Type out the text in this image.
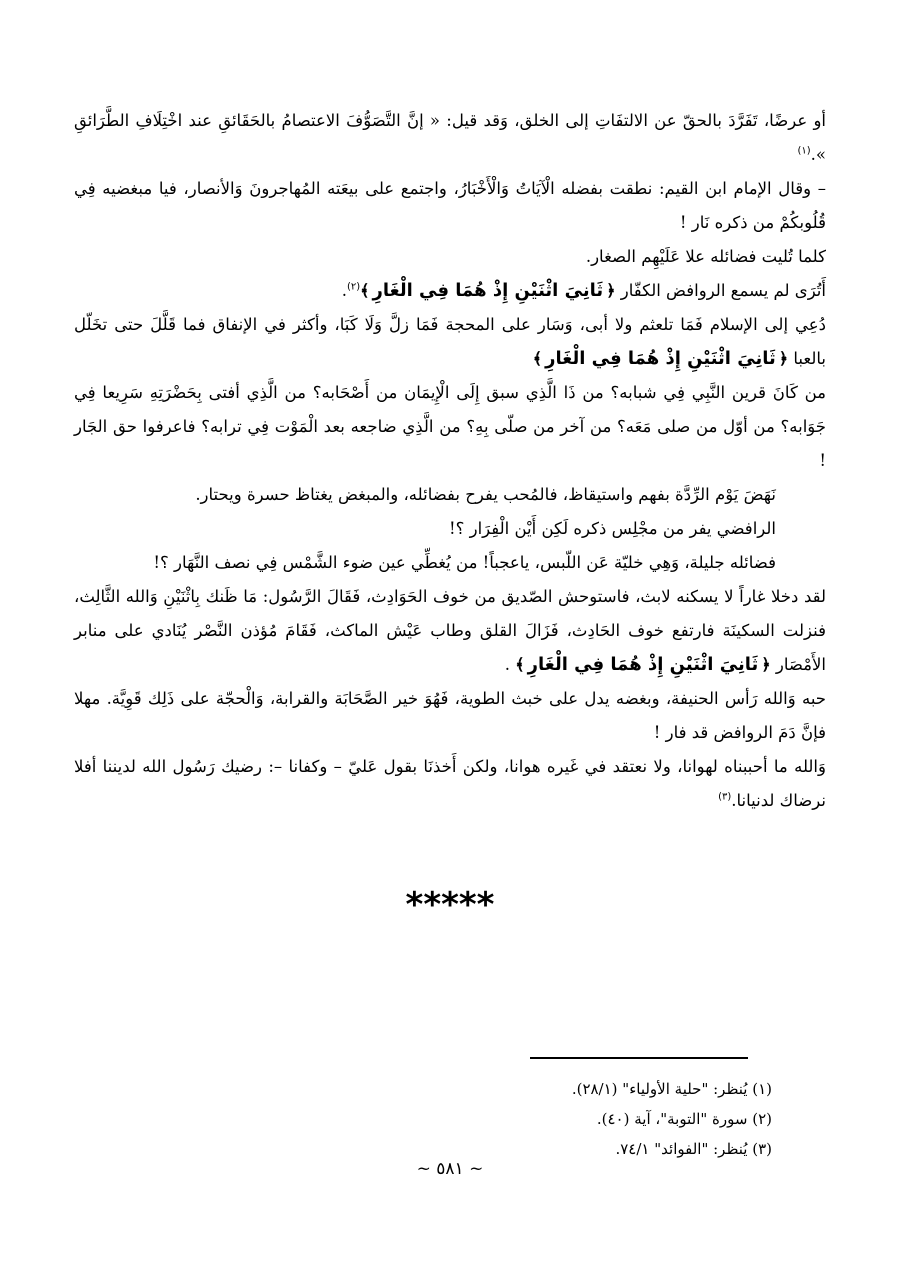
أو عرضًا، تَفَرَّدَ بالحقّ عن الالتفَاتِ إلى الخلق، وَقد قيل: « إنَّ التَّصَوُّفَ الاعتصامُ بالحَقَائقِ عند اخْتِلَافِ الطَّرَائقِ ».$^{(١)}$

– وقال الإمام ابن القيم: نطقت بفضله الْآيَاتُ وَالْأَخْبَارُ، واجتمع على بيعَته المُهاجرونَ وَالأنصار، فيا مبغضيه فِي قُلُوبكُمْ من ذكره نَار !

كلما تُليت فضائله علا عَلَيْهِم الصغار.

أَتُرَى لم يسمع الروافض الكفّار ﴿ثَانِيَ اثْنَيْنِ إِذْ هُمَا فِي الْغَارِ﴾$^{(٢)}$.

دُعِي إلى الإسلام فَمَا تلعثم ولا أبى، وَسَار على المحجة فَمَا زلَّ وَلَا كَبَا، وأكثر في الإنفاق فما قَلَّلَ حتى تخَلّل بالعبا ﴿ثَانِيَ اثْنَيْنِ إِذْ هُمَا فِي الْغَارِ﴾

من كَانَ قرين النَّبِي فِي شبابه؟ من ذَا الَّذِي سبق إِلَى الْإِيمَان من أَصْحَابه؟ من الَّذِي أفتى بِحَضْرَتِهِ سَرِيعا فِي جَوَابه؟ من أوّل من صلى مَعَه؟ من آخر من صلّى بِهِ؟ من الَّذِي ضاجعه بعد الْمَوْت فِي ترابه؟ فاعرفوا حق الجَار !

نَهَضَ يَوْم الرِّدَّة بفهم واستيقاظ، فالمُحب يفرح بفضائله، والمبغض يغتاظ حسرة ويحتار.

الرافضي يفر من مجْلِس ذكره لَكِن أَيْن الْفِرَار ؟!

فضائله جليلة، وَهِي خليّة عَن اللّبس، ياعجباً! من يُغطِّي عين ضوء الشَّمْس فِي نصف النَّهَار ؟!

لقد دخلا غاراً لا يسكنه لابث، فاستوحش الصّديق من خوف الحَوَادِث، فَقَالَ الرَّسُول: مَا ظَنك بِاثْنَيْنِ وَالله الثَّالِث، فنزلت السكينَة فارتفع خوف الحَادِث، فَزَالَ القلق وطاب عَيْش الماكث، فَقَامَ مُؤذن النَّصْر يُنَادي على منابر الأَمْصَار ﴿ثَانِيَ اثْنَيْنِ إِذْ هُمَا فِي الْغَارِ﴾ .

حبه وَالله رَأس الحنيفة، وبغضه يدل على خبث الطوية، فَهُوَ خير الصَّحَابَة والقرابة، وَالْحجّة على ذَلِك قَوِيَّة. مهلا فإنَّ دَمَ الروافض قد فار !

وَالله ما أحببناه لهوانا، ولا نعتقد في غَيره هوانا، ولكن أَخذنَا بقول عَليّ – وكفانا –: رضيك رَسُول الله لديننا أفلا نرضاك لدنيانا.$^{(٣)}$

*****

(١) يُنظر: "حلية الأولياء" (٢٨/١).

(٢) سورة "التوبة"، آية (٤٠).

(٣) يُنظر: "الفوائد" ٧٤/١.

~ ٥٨١ ~
